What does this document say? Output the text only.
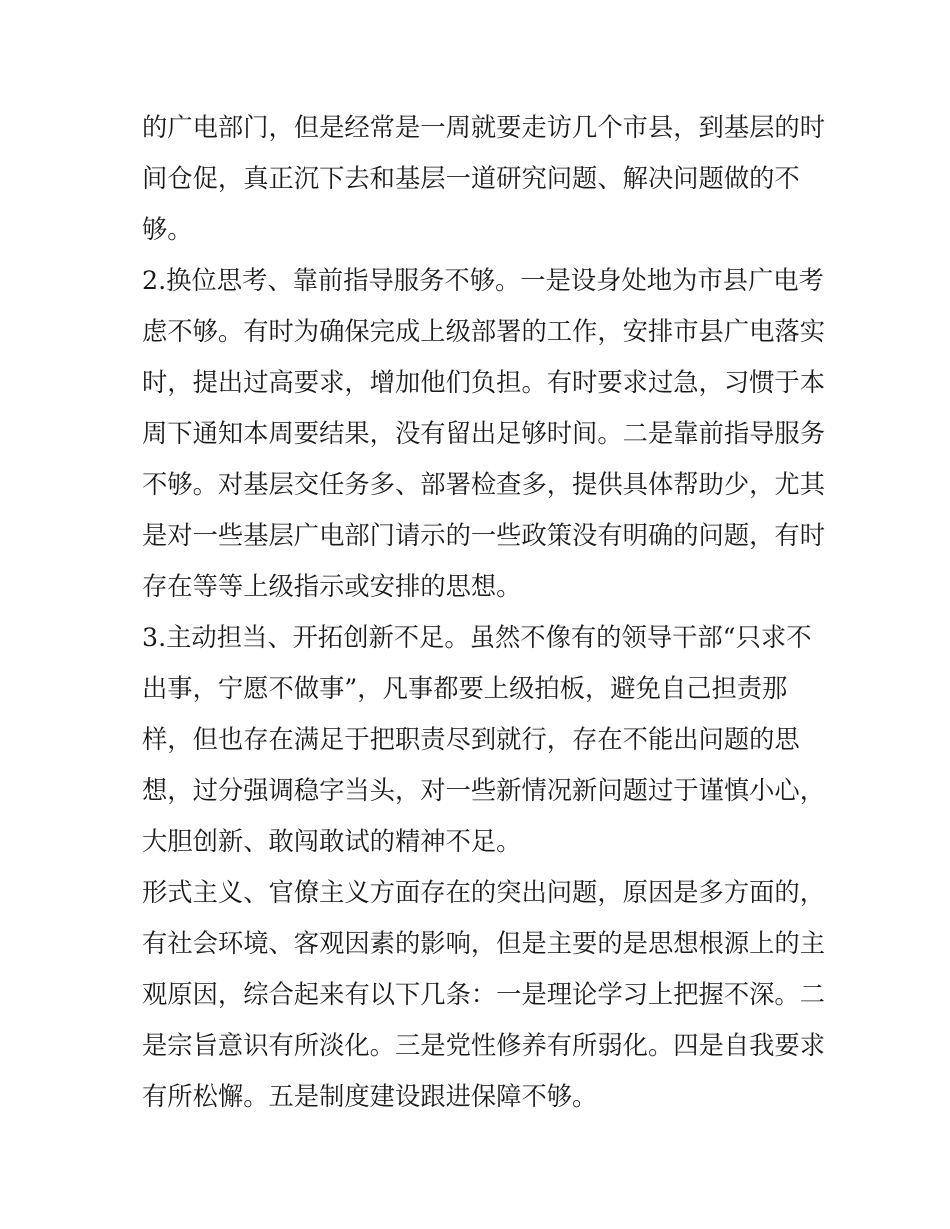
的广电部门，但是经常是一周就要走访几个市县，到基层的时
间仓促，真正沉下去和基层一道研究问题、解决问题做的不
够。
2.换位思考、靠前指导服务不够。一是设身处地为市县广电考
虑不够。有时为确保完成上级部署的工作，安排市县广电落实
时，提出过高要求，增加他们负担。有时要求过急，习惯于本
周下通知本周要结果，没有留出足够时间。二是靠前指导服务
不够。对基层交任务多、部署检查多，提供具体帮助少，尤其
是对一些基层广电部门请示的一些政策没有明确的问题，有时
存在等等上级指示或安排的思想。
3.主动担当、开拓创新不足。虽然不像有的领导干部“只求不
出事，宁愿不做事”，凡事都要上级拍板，避免自己担责那
样，但也存在满足于把职责尽到就行，存在不能出问题的思
想，过分强调稳字当头，对一些新情况新问题过于谨慎小心，
大胆创新、敢闯敢试的精神不足。
形式主义、官僚主义方面存在的突出问题，原因是多方面的，
有社会环境、客观因素的影响，但是主要的是思想根源上的主
观原因，综合起来有以下几条：一是理论学习上把握不深。二
是宗旨意识有所淡化。三是党性修养有所弱化。四是自我要求
有所松懈。五是制度建设跟进保障不够。
